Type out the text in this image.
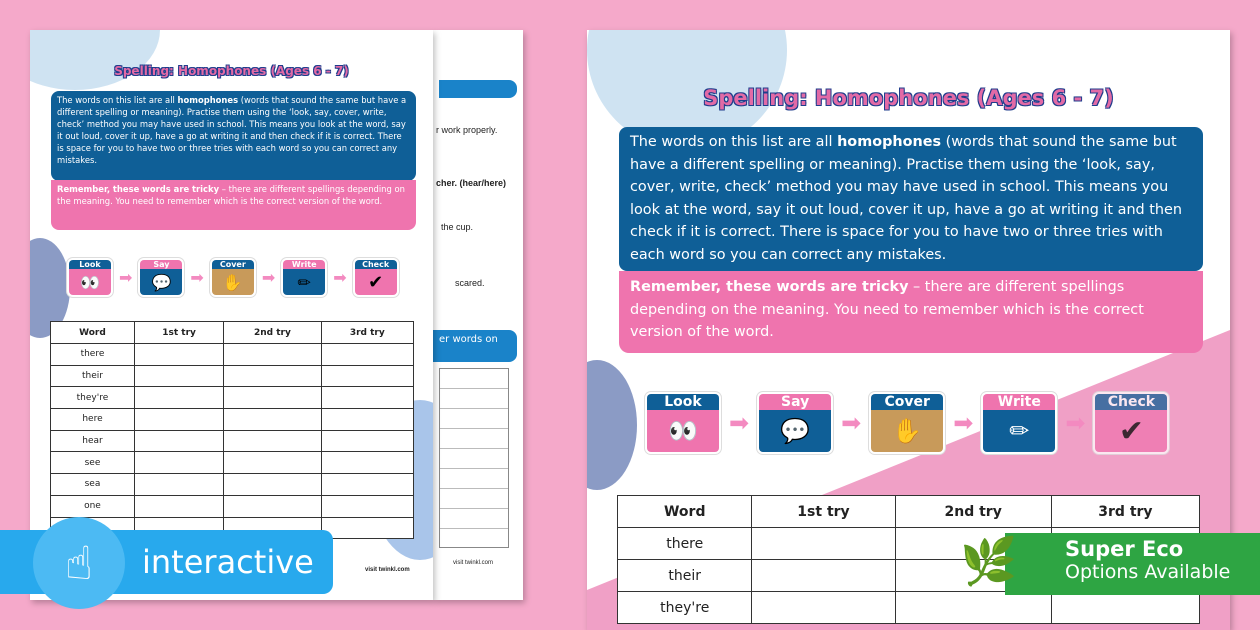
r work properly.
cher. (hear/here)
the cup.
scared.
er words on
visit twinkl.com
Spelling: Homophones (Ages 6 - 7)
The words on this list are all homophones (words that sound the same but have a different spelling or meaning). Practise them using the ‘look, say, cover, write, check’ method you may have used in school. This means you look at the word, say it out loud, cover it up, have a go at writing it and then check if it is correct. There is space for you to have two or three tries with each word so you can correct any mistakes.
Remember, these words are tricky – there are different spellings depending on the meaning. You need to remember which is the correct version of the word.
Look
👀	➡
Say
💬	➡
Cover
✋	➡
Write
✏	➡
Check
✔
Word	1st try	2nd try	3rd try
there			
their			
they're			
here			
hear			
see			
sea			
one			

visit twinkl.com
Spelling: Homophones (Ages 6 - 7)
The words on this list are all homophones (words that sound the same but have a different spelling or meaning). Practise them using the ‘look, say, cover, write, check’ method you may have used in school. This means you look at the word, say it out loud, cover it up, have a go at writing it and then check if it is correct. There is space for you to have two or three tries with each word so you can correct any mistakes.
Remember, these words are tricky – there are different spellings depending on the meaning. You need to remember which is the correct version of the word.
Look
👀	➡
Say
💬	➡
Cover
✋	➡
Write
✏	➡
Check
✔
Word	1st try	2nd try	3rd try
there			
their			
they're			
interactive
☝	Super Eco
Options Available
🌿
